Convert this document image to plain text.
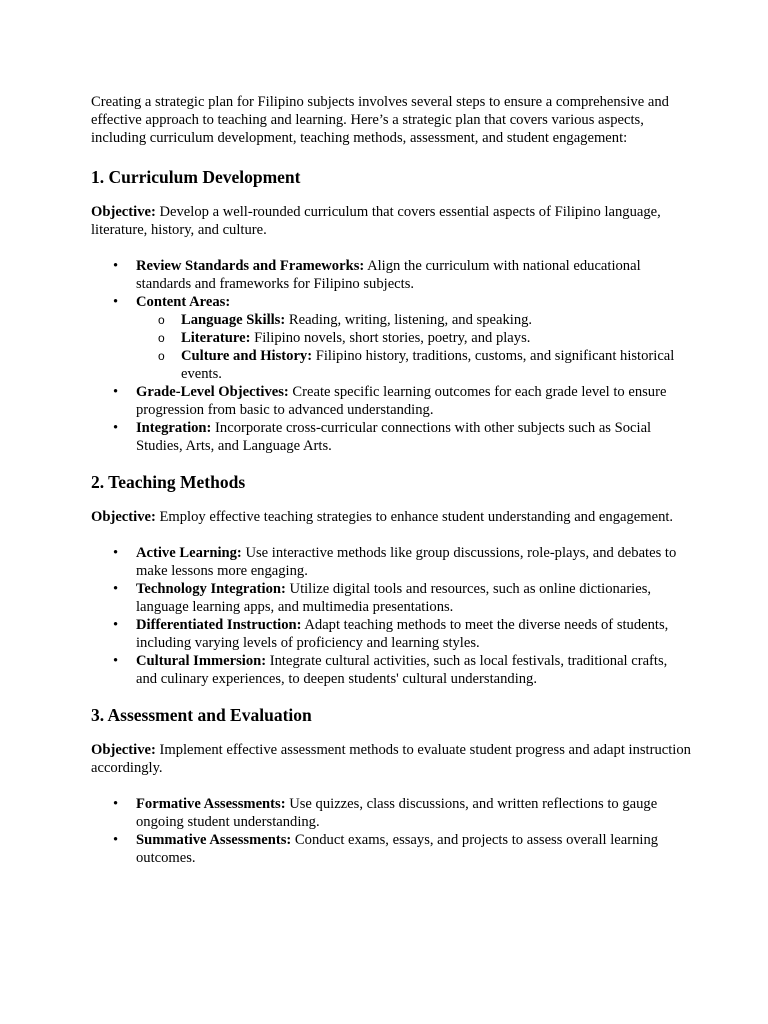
Creating a strategic plan for Filipino subjects involves several steps to ensure a comprehensive and effective approach to teaching and learning. Here’s a strategic plan that covers various aspects, including curriculum development, teaching methods, assessment, and student engagement:

1. Curriculum Development

Objective: Develop a well-rounded curriculum that covers essential aspects of Filipino language, literature, history, and culture.

• Review Standards and Frameworks: Align the curriculum with national educational standards and frameworks for Filipino subjects.
• Content Areas:
o Language Skills: Reading, writing, listening, and speaking.
o Literature: Filipino novels, short stories, poetry, and plays.
o Culture and History: Filipino history, traditions, customs, and significant historical events.
• Grade-Level Objectives: Create specific learning outcomes for each grade level to ensure progression from basic to advanced understanding.
• Integration: Incorporate cross-curricular connections with other subjects such as Social Studies, Arts, and Language Arts.
2. Teaching Methods

Objective: Employ effective teaching strategies to enhance student understanding and engagement.

• Active Learning: Use interactive methods like group discussions, role-plays, and debates to make lessons more engaging.
• Technology Integration: Utilize digital tools and resources, such as online dictionaries, language learning apps, and multimedia presentations.
• Differentiated Instruction: Adapt teaching methods to meet the diverse needs of students, including varying levels of proficiency and learning styles.
• Cultural Immersion: Integrate cultural activities, such as local festivals, traditional crafts, and culinary experiences, to deepen students' cultural understanding.
3. Assessment and Evaluation

Objective: Implement effective assessment methods to evaluate student progress and adapt instruction accordingly.

• Formative Assessments: Use quizzes, class discussions, and written reflections to gauge ongoing student understanding.
• Summative Assessments: Conduct exams, essays, and projects to assess overall learning outcomes.
